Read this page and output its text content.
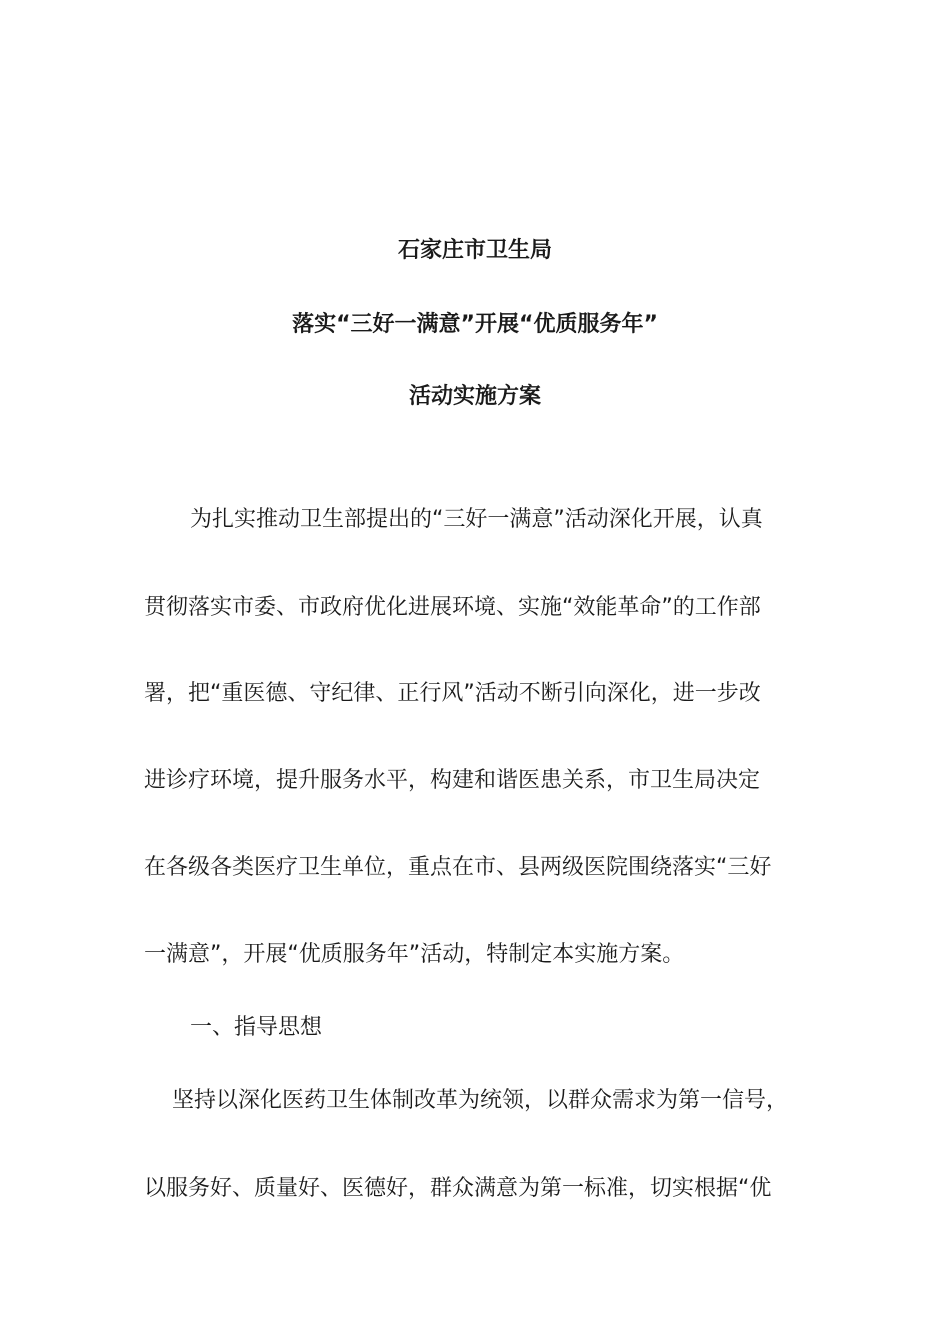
石家庄市卫生局
落实“三好一满意”开展“优质服务年”
活动实施方案

为扎实推动卫生部提出的“三好一满意”活动深化开展，认真

贯彻落实市委、市政府优化进展环境、实施“效能革命”的工作部

署，把“重医德、守纪律、正行风”活动不断引向深化，进一步改

进诊疗环境，提升服务水平，构建和谐医患关系，市卫生局决定

在各级各类医疗卫生单位，重点在市、县两级医院围绕落实“三好

一满意”，开展“优质服务年”活动，特制定本实施方案。

一、指导思想

坚持以深化医药卫生体制改革为统领，以群众需求为第一信号，

以服务好、质量好、医德好，群众满意为第一标准，切实根据“优
